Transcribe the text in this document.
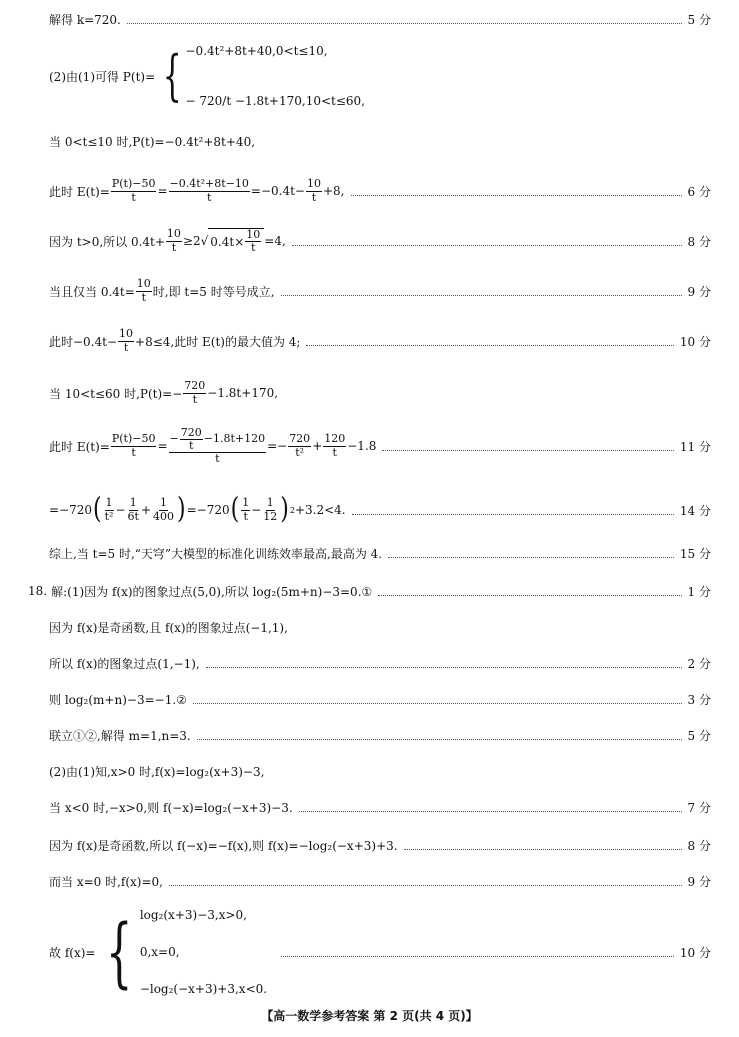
解得 k=720.	5 分
(2)由(1)可得 P(t)= { −0.4t²+8t+40,0<t≤10,
− 720/t −1.8t+170,10<t≤60,
当 0<t≤10 时,P(t)=−0.4t²+8t+40,
此时 $E(t)= \frac{P(t)-50}{t} = \frac{\text{−0.4t²+8t−10}}{t} =-0.4t- \frac{10}{t} +8$,	6 分
因为 t>0,所以 $0.4t+ \frac{10}{t} \ge 2$ √ $0.4t\times \frac{10}{t} =4$,	8 分
当且仅当 $0.4t= \frac{10}{t}$ 时,即 t=5 时等号成立,	9 分
此时$-0.4t- \frac{10}{t} +8\le 4$,此时 E(t)的最大值为 4;	10 分
当 10<t≤60 时$,P(t)=- \frac{720}{t} -1.8t+170$,
此时 $E(t)= \frac{P(t)-50}{t} = \frac{- \frac{720}{t} -1.8t+120}{t} =- \frac{720}{\text{t²}} + \frac{120}{t} -1.8$	11 分
=−720 ( $\frac{1}{\text{t²}} - \frac{1}{6t} + \frac{1}{400}$ ) =−720 ( $\frac{1}{t} - \frac{1}{12}$ ) 2 +3.2<4.	14 分
综上,当 t=5 时,“天穹”大模型的标准化训练效率最高,最高为 4.	15 分
18. 解:(1)因为 f(x)的图象过点(5,0),所以 log₂(5m+n)−3=0.①	1 分
因为 f(x)是奇函数,且 f(x)的图象过点(−1,1),
所以 f(x)的图象过点(1,−1),	2 分
则 log₂(m+n)−3=−1.②	3 分
联立①②,解得 m=1,n=3.	5 分
(2)由(1)知,x>0 时,f(x)=log₂(x+3)−3,
当 x<0 时,−x>0,则 f(−x)=log₂(−x+3)−3.	7 分
因为 f(x)是奇函数,所以 f(−x)=−f(x),则 f(x)=−log₂(−x+3)+3.	8 分
而当 x=0 时,f(x)=0,	9 分
故 f(x)= { log₂(x+3)−3,x>0,
0,x=0,
−log₂(−x+3)+3,x<0.
10 分
【高一数学参考答案 第 2 页(共 4 页)】
